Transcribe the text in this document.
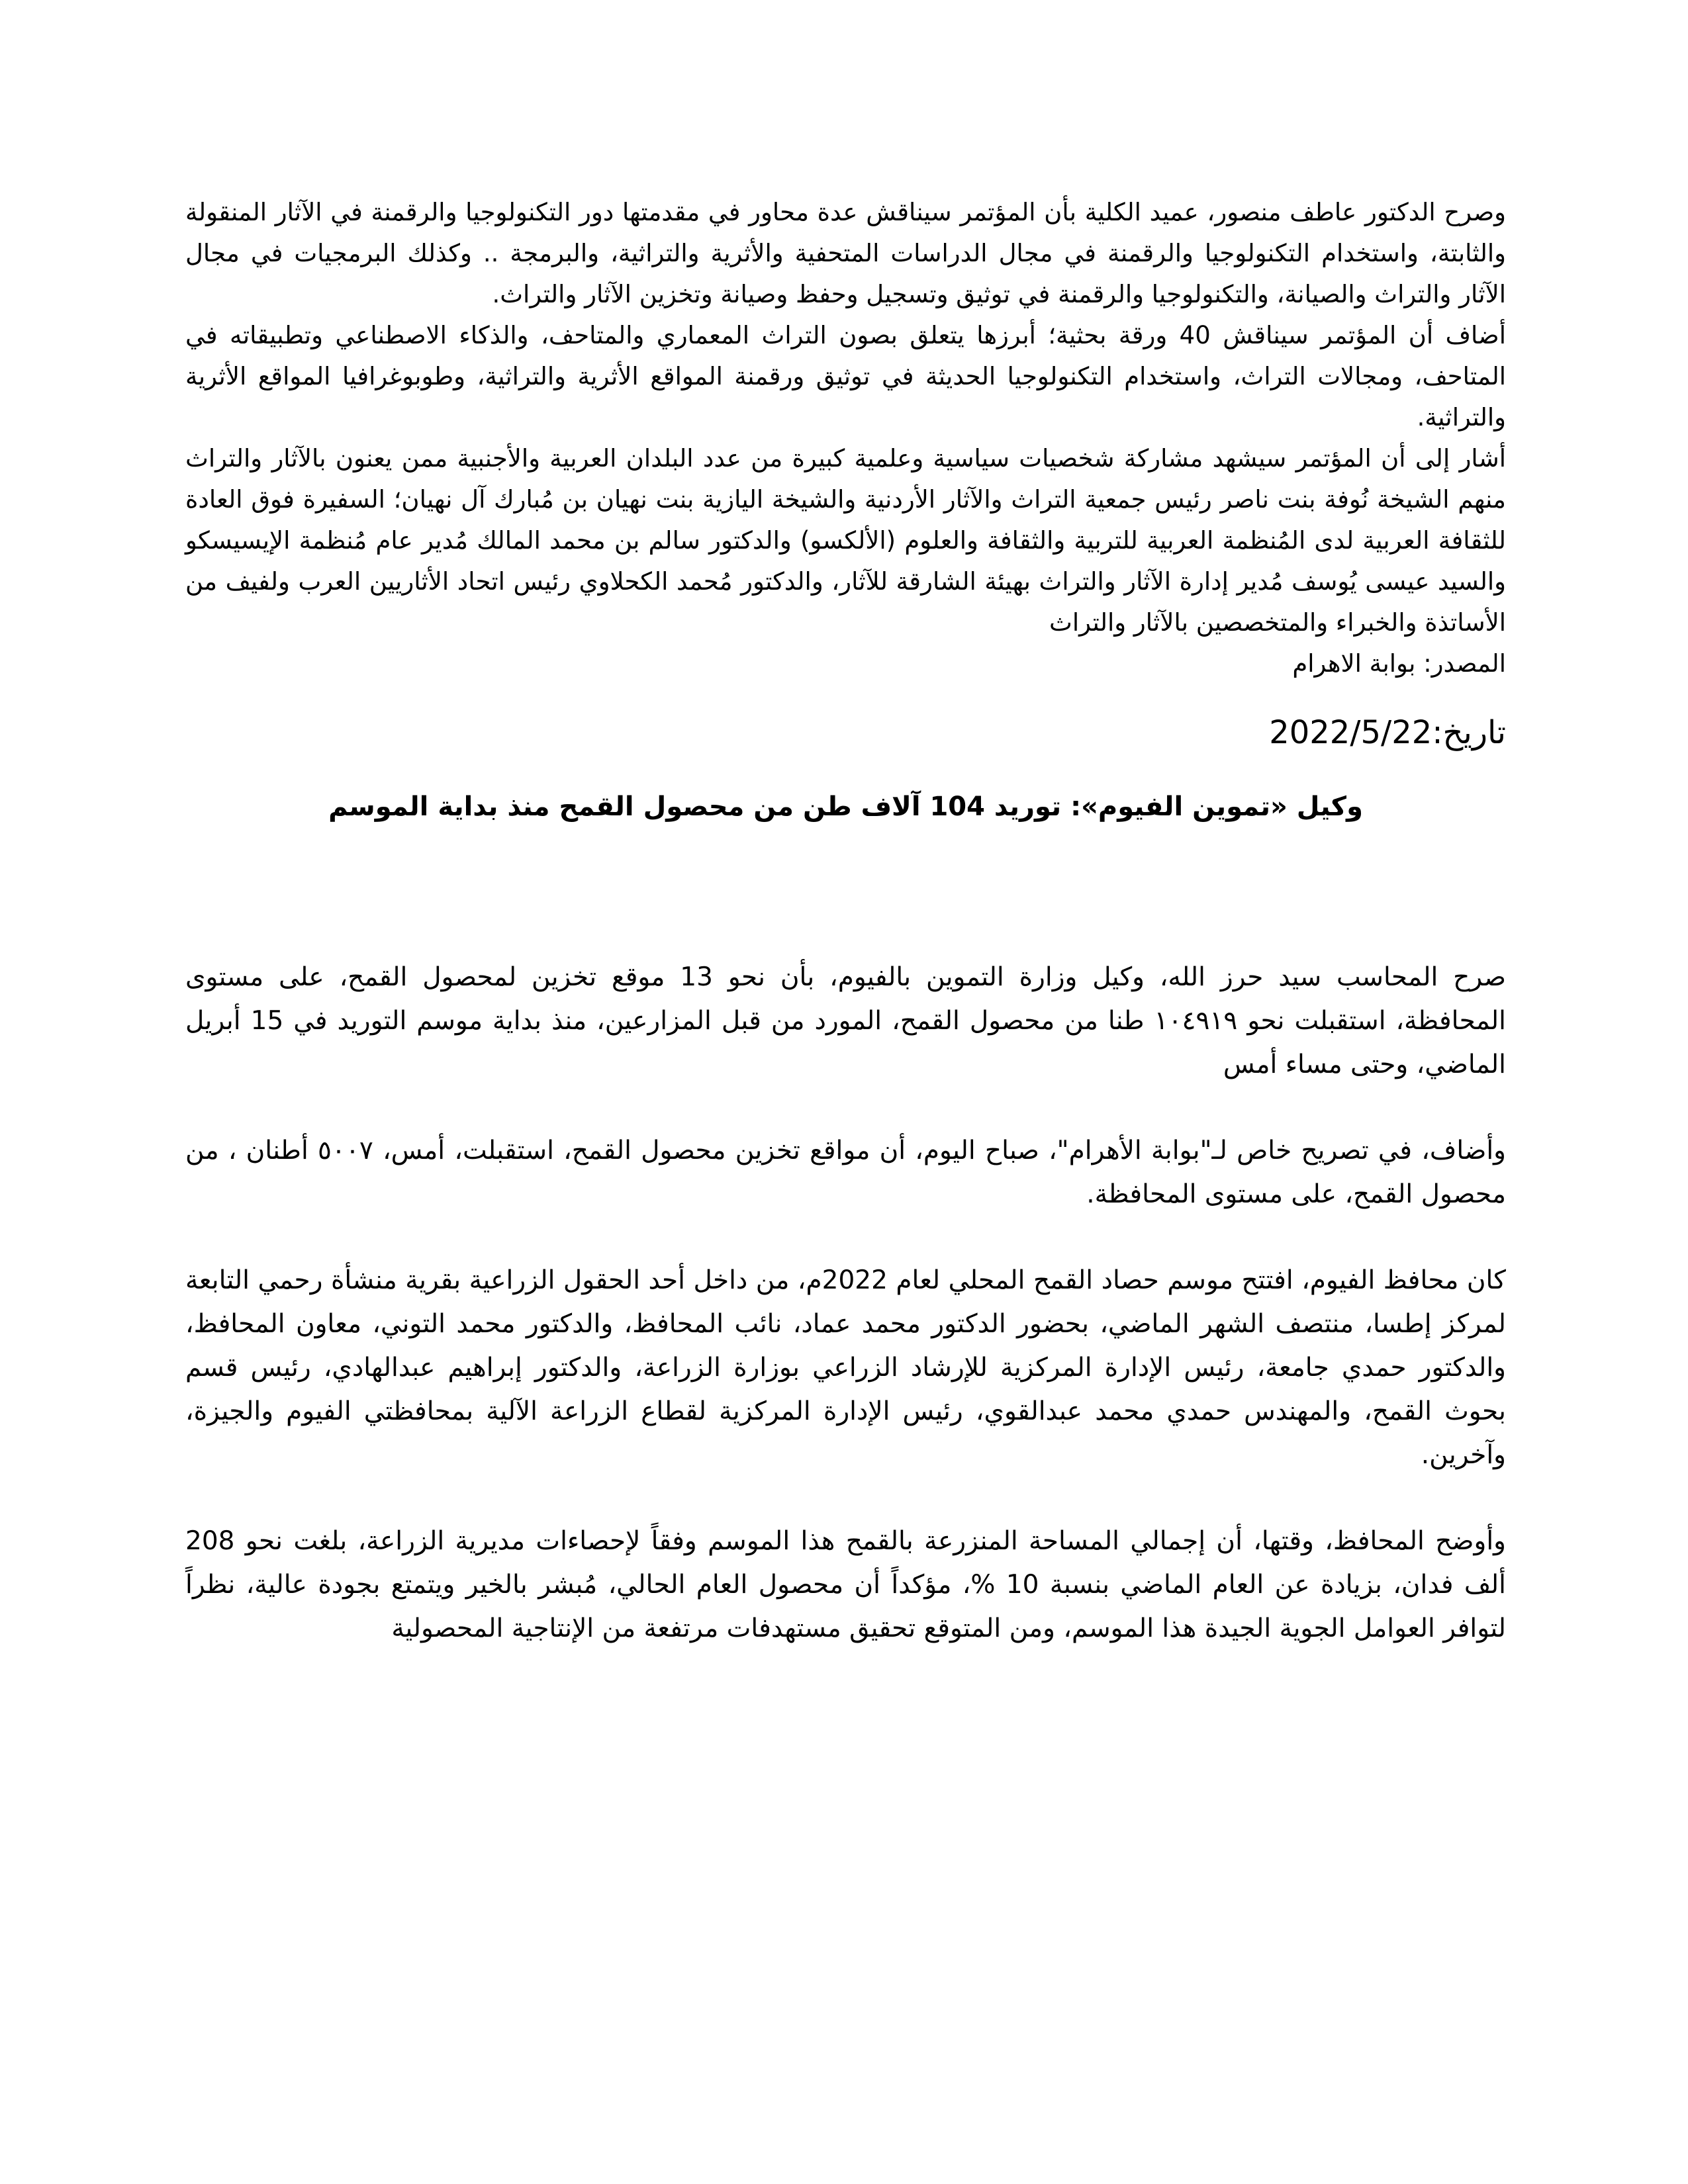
وصرح الدكتور عاطف منصور، عميد الكلية بأن المؤتمر سيناقش عدة محاور في مقدمتها دور التكنولوجيا والرقمنة في الآثار المنقولة والثابتة، واستخدام التكنولوجيا والرقمنة في مجال الدراسات المتحفية والأثرية والتراثية، والبرمجة .. وكذلك البرمجيات في مجال الآثار والتراث والصيانة، والتكنولوجيا والرقمنة في توثيق وتسجيل وحفظ وصيانة وتخزين الآثار والتراث.

أضاف أن المؤتمر سيناقش 40 ورقة بحثية؛ أبرزها يتعلق بصون التراث المعماري والمتاحف، والذكاء الاصطناعي وتطبيقاته في المتاحف، ومجالات التراث، واستخدام التكنولوجيا الحديثة في توثيق ورقمنة المواقع الأثرية والتراثية، وطوبوغرافيا المواقع الأثرية والتراثية.

أشار إلى أن المؤتمر سيشهد مشاركة شخصيات سياسية وعلمية كبيرة من عدد البلدان العربية والأجنبية ممن يعنون بالآثار والتراث منهم الشيخة نُوفة بنت ناصر رئيس جمعية التراث والآثار الأردنية والشيخة اليازية بنت نهيان بن مُبارك آل نهيان؛ السفيرة فوق العادة للثقافة العربية لدى المُنظمة العربية للتربية والثقافة والعلوم (الألكسو) والدكتور سالم بن محمد المالك مُدير عام مُنظمة الإيسيسكو والسيد عيسى يُوسف مُدير إدارة الآثار والتراث بهيئة الشارقة للآثار، والدكتور مُحمد الكحلاوي رئيس اتحاد الأثاريين العرب ولفيف من الأساتذة والخبراء والمتخصصين بالآثار والتراث

المصدر: بوابة الاهرام

تاريخ:2022/5/22

وكيل «تموين الفيوم»: توريد 104 آلاف طن من محصول القمح منذ بداية الموسم

صرح المحاسب سيد حرز الله، وكيل وزارة التموين بالفيوم، بأن نحو 13 موقع تخزين لمحصول القمح، على مستوى المحافظة، استقبلت نحو ١٠٤٩١٩ طنا من محصول القمح، المورد من قبل المزارعين، منذ بداية موسم التوريد في 15 أبريل الماضي، وحتى مساء أمس

وأضاف، في تصريح خاص لـ"بوابة الأهرام"، صباح اليوم، أن مواقع تخزين محصول القمح، استقبلت، أمس، ٥٠٠٧ أطنان ، من محصول القمح، على مستوى المحافظة.

كان محافظ الفيوم، افتتح موسم حصاد القمح المحلي لعام 2022م، من داخل أحد الحقول الزراعية بقرية منشأة رحمي التابعة لمركز إطسا، منتصف الشهر الماضي، بحضور الدكتور محمد عماد، نائب المحافظ، والدكتور محمد التوني، معاون المحافظ، والدكتور حمدي جامعة، رئيس الإدارة المركزية للإرشاد الزراعي بوزارة الزراعة، والدكتور إبراهيم عبدالهادي، رئيس قسم بحوث القمح، والمهندس حمدي محمد عبدالقوي، رئيس الإدارة المركزية لقطاع الزراعة الآلية بمحافظتي الفيوم والجيزة، وآخرين.

وأوضح المحافظ، وقتها، أن إجمالي المساحة المنزرعة بالقمح هذا الموسم وفقاً لإحصاءات مديرية الزراعة، بلغت نحو 208 ألف فدان، بزيادة عن العام الماضي بنسبة 10 %، مؤكداً أن محصول العام الحالي، مُبشر بالخير ويتمتع بجودة عالية، نظراً لتوافر العوامل الجوية الجيدة هذا الموسم، ومن المتوقع تحقيق مستهدفات مرتفعة من الإنتاجية المحصولية
